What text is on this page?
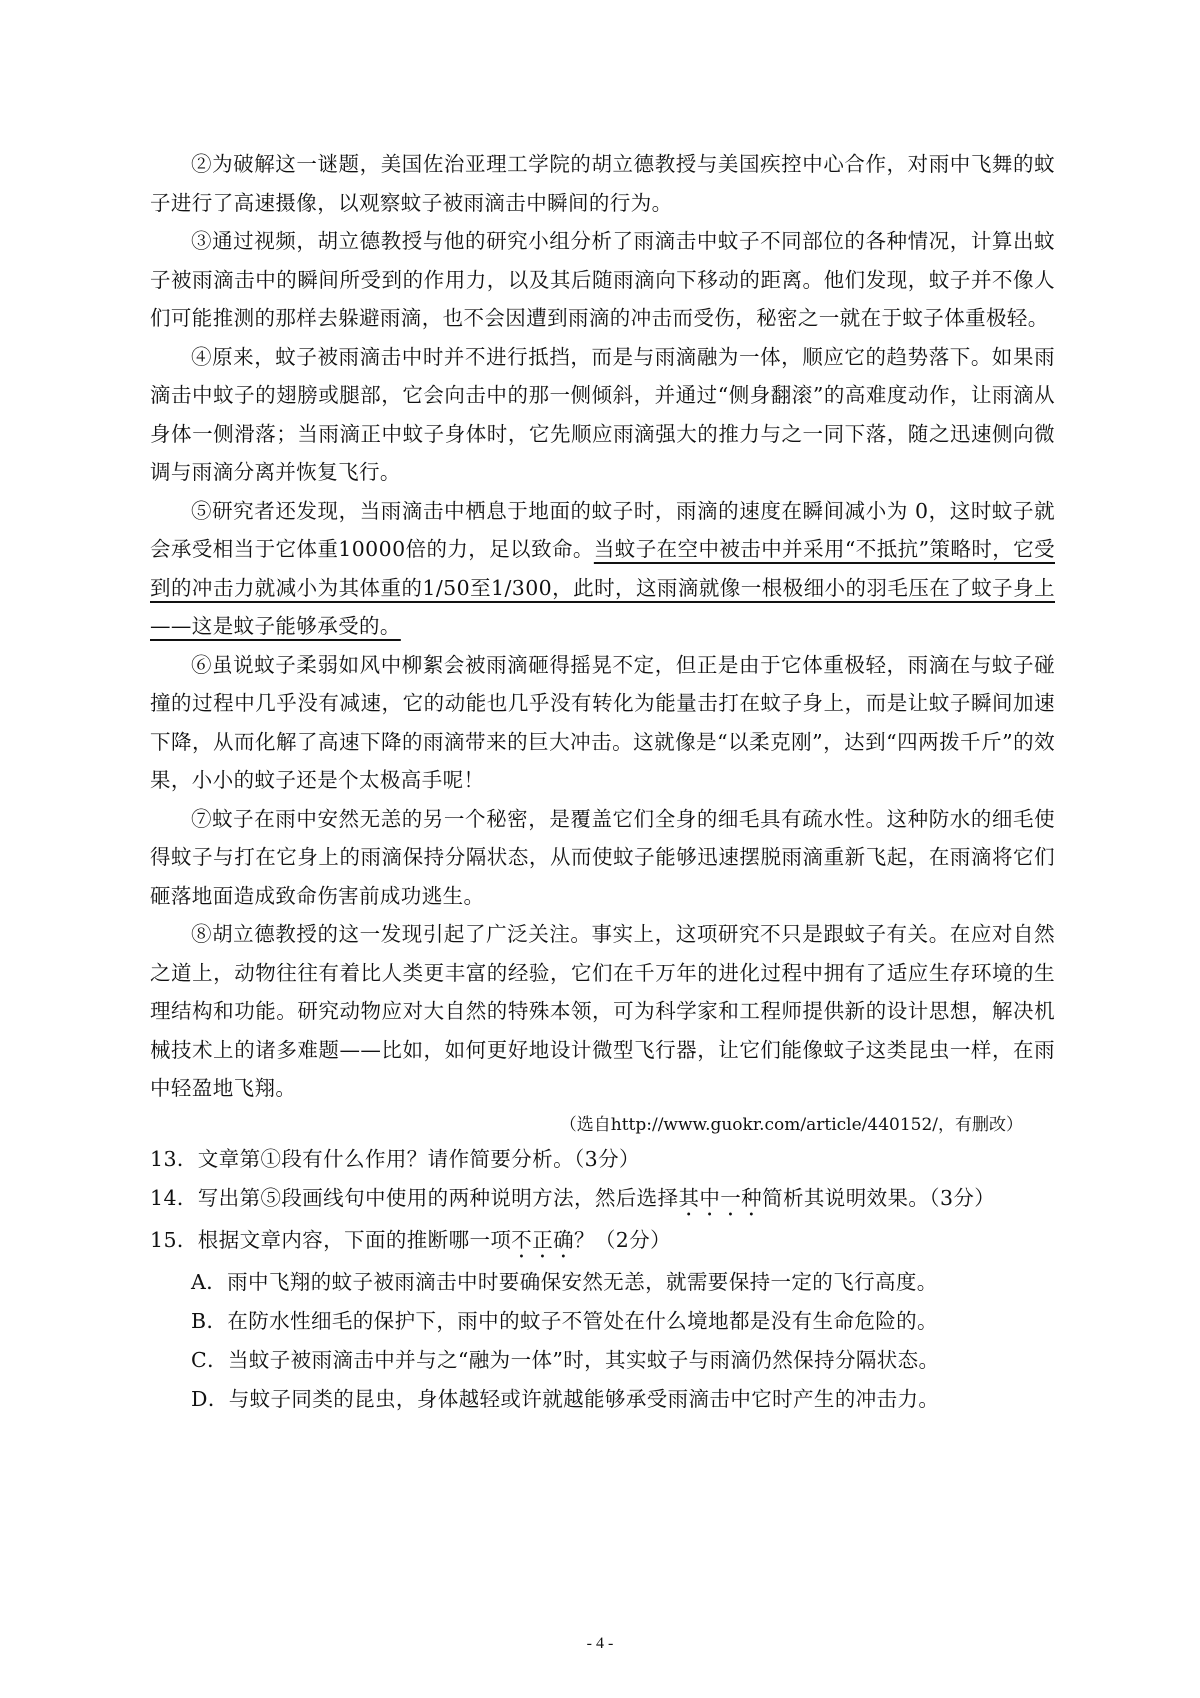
②为破解这一谜题，美国佐治亚理工学院的胡立德教授与美国疾控中心合作，对雨中飞舞的蚊子进行了高速摄像，以观察蚊子被雨滴击中瞬间的行为。

③通过视频，胡立德教授与他的研究小组分析了雨滴击中蚊子不同部位的各种情况，计算出蚊子被雨滴击中的瞬间所受到的作用力，以及其后随雨滴向下移动的距离。他们发现，蚊子并不像人们可能推测的那样去躲避雨滴，也不会因遭到雨滴的冲击而受伤，秘密之一就在于蚊子体重极轻。

④原来，蚊子被雨滴击中时并不进行抵挡，而是与雨滴融为一体，顺应它的趋势落下。如果雨滴击中蚊子的翅膀或腿部，它会向击中的那一侧倾斜，并通过“侧身翻滚”的高难度动作，让雨滴从身体一侧滑落；当雨滴正中蚊子身体时，它先顺应雨滴强大的推力与之一同下落，随之迅速侧向微调与雨滴分离并恢复飞行。

⑤研究者还发现，当雨滴击中栖息于地面的蚊子时，雨滴的速度在瞬间减小为 0，这时蚊子就会承受相当于它体重10000倍的力，足以致命。当蚊子在空中被击中并采用“不抵抗”策略时，它受到的冲击力就减小为其体重的1/50至1/300，此时，这雨滴就像一根极细小的羽毛压在了蚊子身上——这是蚊子能够承受的。

⑥虽说蚊子柔弱如风中柳絮会被雨滴砸得摇晃不定，但正是由于它体重极轻，雨滴在与蚊子碰撞的过程中几乎没有减速，它的动能也几乎没有转化为能量击打在蚊子身上，而是让蚊子瞬间加速下降，从而化解了高速下降的雨滴带来的巨大冲击。这就像是“以柔克刚”，达到“四两拨千斤”的效果，小小的蚊子还是个太极高手呢！

⑦蚊子在雨中安然无恙的另一个秘密，是覆盖它们全身的细毛具有疏水性。这种防水的细毛使得蚊子与打在它身上的雨滴保持分隔状态，从而使蚊子能够迅速摆脱雨滴重新飞起，在雨滴将它们砸落地面造成致命伤害前成功逃生。

⑧胡立德教授的这一发现引起了广泛关注。事实上，这项研究不只是跟蚊子有关。在应对自然之道上，动物往往有着比人类更丰富的经验，它们在千万年的进化过程中拥有了适应生存环境的生理结构和功能。研究动物应对大自然的特殊本领，可为科学家和工程师提供新的设计思想，解决机械技术上的诸多难题——比如，如何更好地设计微型飞行器，让它们能像蚊子这类昆虫一样，在雨中轻盈地飞翔。

（选自http://www.guokr.com/article/440152/，有删改）

13．文章第①段有什么作用？请作简要分析。（3分）

14．写出第⑤段画线句中使用的两种说明方法，然后选择其中一种简析其说明效果。（3分）

15．根据文章内容，下面的推断哪一项不正确？（2分）

A．雨中飞翔的蚊子被雨滴击中时要确保安然无恙，就需要保持一定的飞行高度。

B．在防水性细毛的保护下，雨中的蚊子不管处在什么境地都是没有生命危险的。

C．当蚊子被雨滴击中并与之“融为一体”时，其实蚊子与雨滴仍然保持分隔状态。

D．与蚊子同类的昆虫，身体越轻或许就越能够承受雨滴击中它时产生的冲击力。

- 4 -
